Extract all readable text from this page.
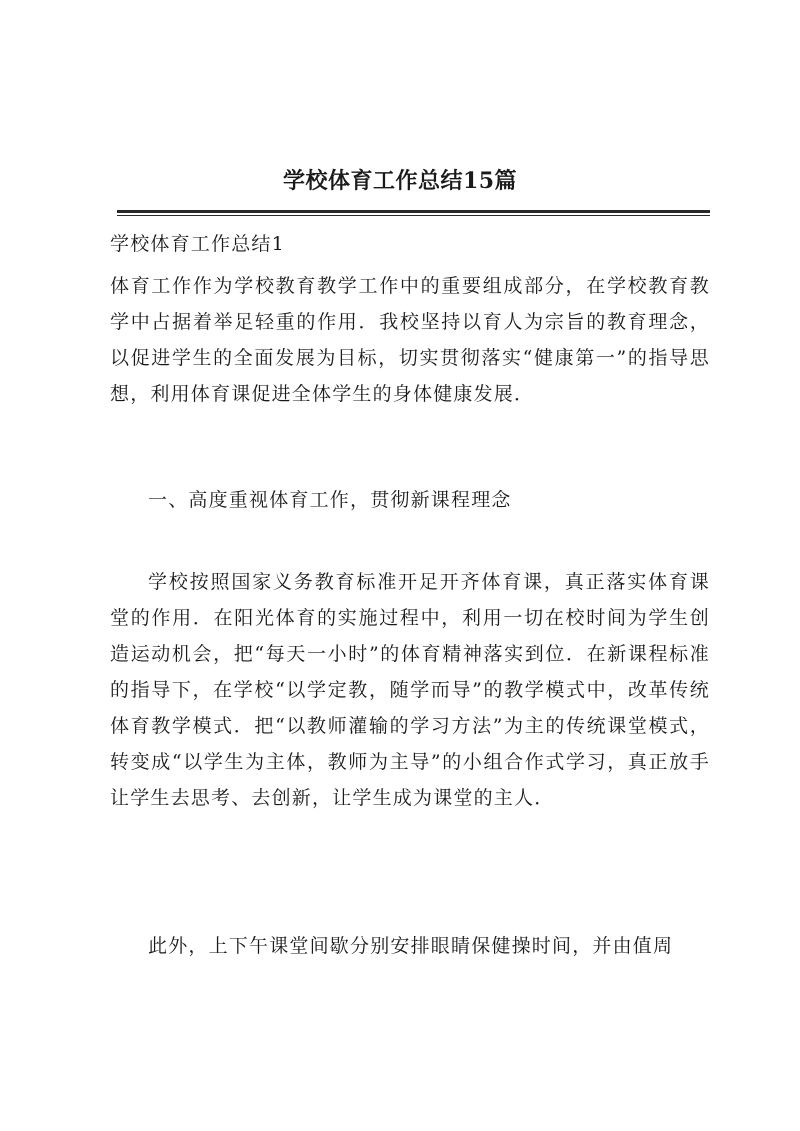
学校体育工作总结15篇
学校体育工作总结1

体育工作作为学校教育教学工作中的重要组成部分，在学校教育教学中占据着举足轻重的作用．我校坚持以育人为宗旨的教育理念，以促进学生的全面发展为目标，切实贯彻落实“健康第一”的指导思想，利用体育课促进全体学生的身体健康发展．

一、高度重视体育工作，贯彻新课程理念

学校按照国家义务教育标准开足开齐体育课，真正落实体育课堂的作用．在阳光体育的实施过程中，利用一切在校时间为学生创造运动机会，把“每天一小时”的体育精神落实到位．在新课程标准的指导下，在学校“以学定教，随学而导”的教学模式中，改革传统体育教学模式．把“以教师灌输的学习方法”为主的传统课堂模式，转变成“以学生为主体，教师为主导”的小组合作式学习，真正放手让学生去思考、去创新，让学生成为课堂的主人．

此外，上下午课堂间歇分别安排眼睛保健操时间，并由值周
